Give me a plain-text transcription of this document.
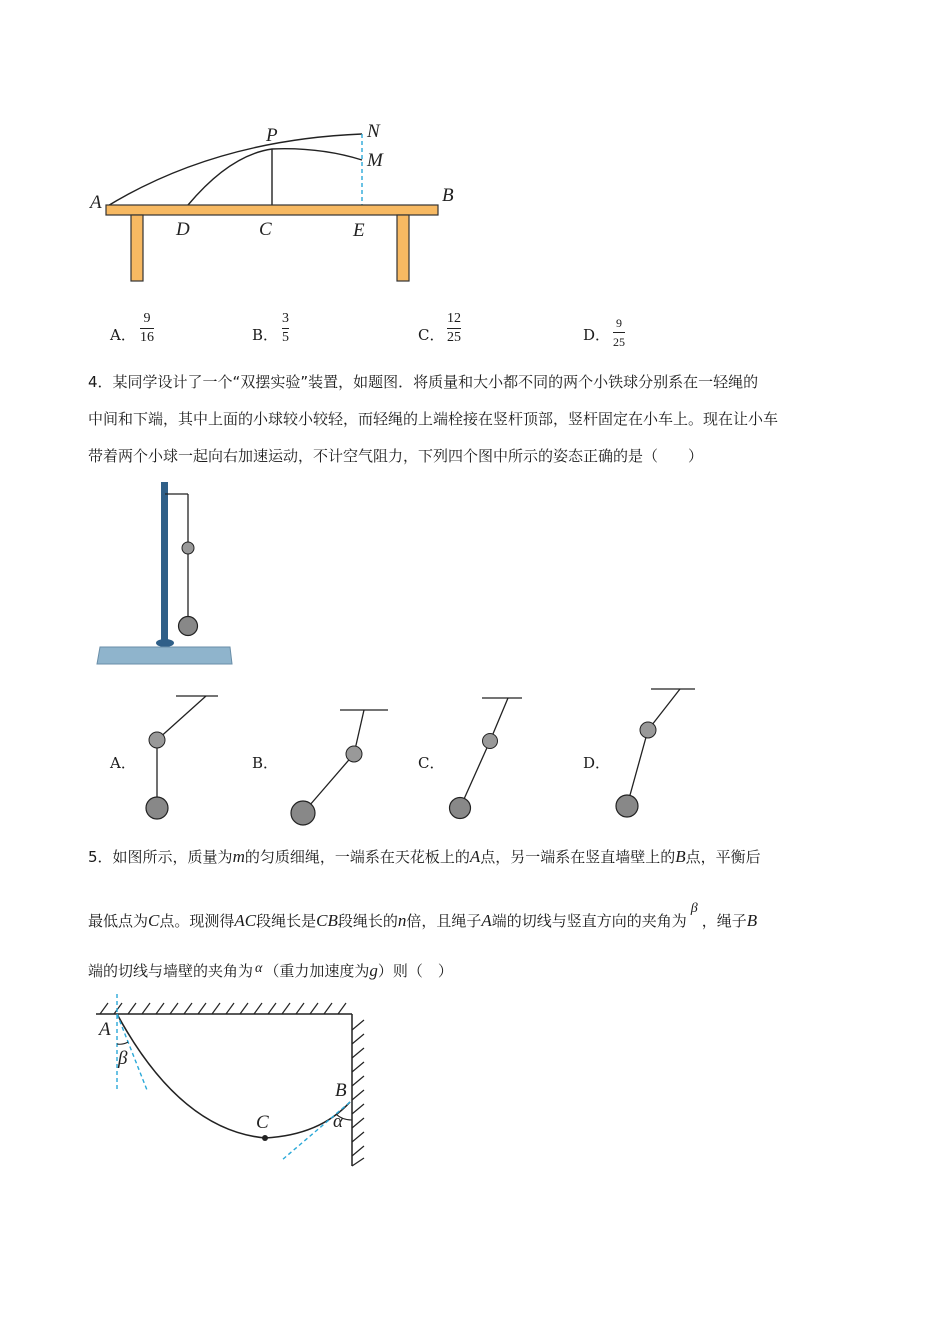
A	B
D	C	E
P	N
M
A．
9
16	B．
3
5	C．
12
25	D．
9
25
4．某同学设计了一个“双摆实验”装置，如题图．将质量和大小都不同的两个小铁球分别系在一轻绳的
中间和下端，其中上面的小球较小较轻，而轻绳的上端栓接在竖杆顶部，竖杆固定在小车上。现在让小车
带着两个小球一起向右加速运动，不计空气阻力，下列四个图中所示的姿态正确的是（　　）
A．	B．	C．	D．
5．如图所示，质量为m的匀质细绳，一端系在天花板上的A点，另一端系在竖直墙壁上的B点，平衡后
最低点为C点。现测得AC段绳长是CB段绳长的n倍，且绳子A端的切线与竖直方向的夹角为β，绳子B
端的切线与墙壁的夹角为 α （重力加速度为g）则（　）
A
β
C
B
α
